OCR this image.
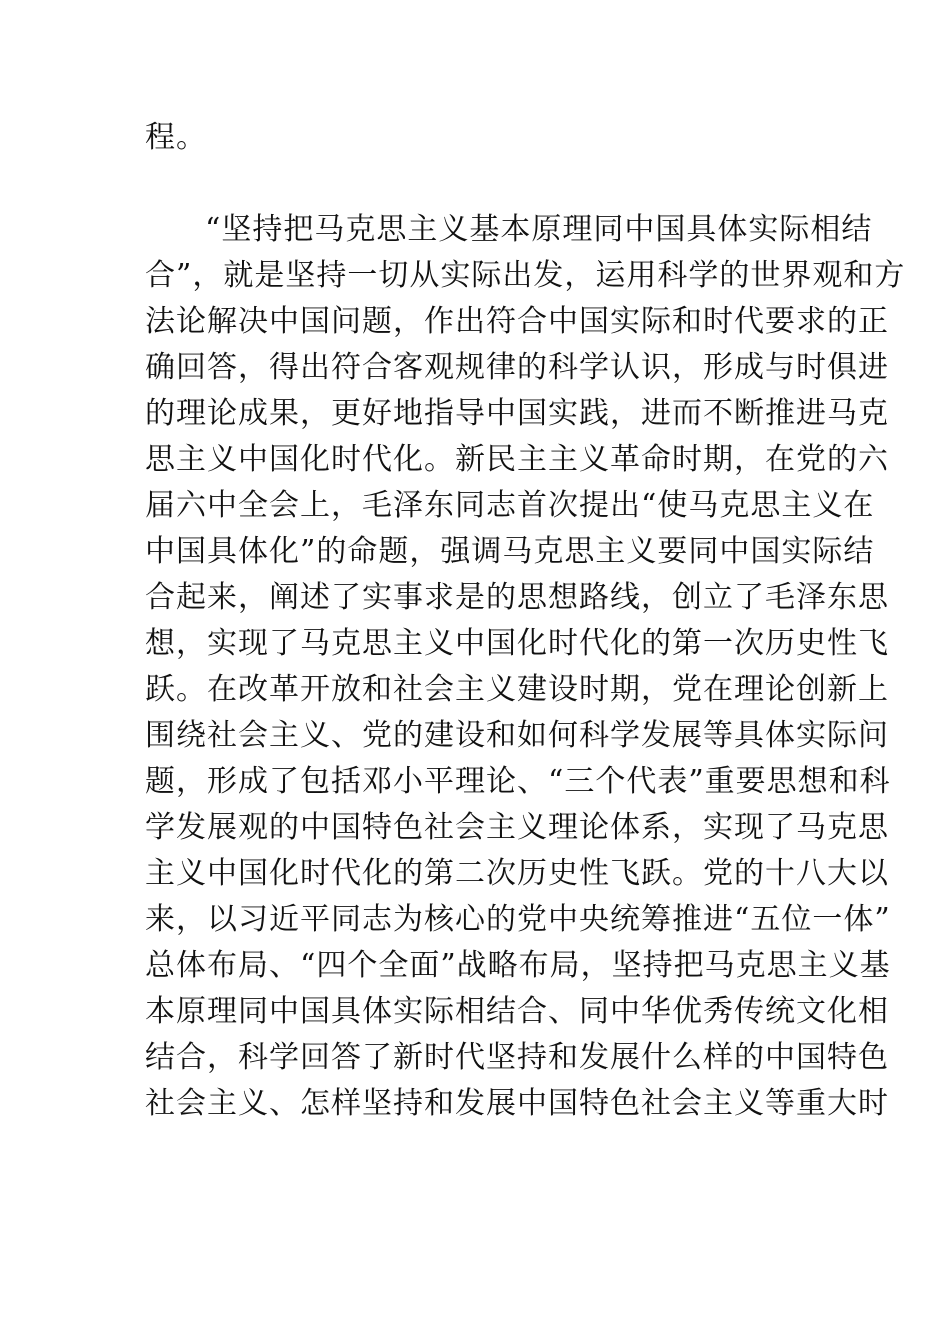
程。
“坚持把马克思主义基本原理同中国具体实际相结
合”，就是坚持一切从实际出发，运用科学的世界观和方
法论解决中国问题，作出符合中国实际和时代要求的正
确回答，得出符合客观规律的科学认识，形成与时俱进
的理论成果，更好地指导中国实践，进而不断推进马克
思主义中国化时代化。新民主主义革命时期，在党的六
届六中全会上，毛泽东同志首次提出“使马克思主义在
中国具体化”的命题，强调马克思主义要同中国实际结
合起来，阐述了实事求是的思想路线，创立了毛泽东思
想，实现了马克思主义中国化时代化的第一次历史性飞
跃。在改革开放和社会主义建设时期，党在理论创新上
围绕社会主义、党的建设和如何科学发展等具体实际问
题，形成了包括邓小平理论、“三个代表”重要思想和科
学发展观的中国特色社会主义理论体系，实现了马克思
主义中国化时代化的第二次历史性飞跃。党的十八大以
来，以习近平同志为核心的党中央统筹推进“五位一体”
总体布局、“四个全面”战略布局，坚持把马克思主义基
本原理同中国具体实际相结合、同中华优秀传统文化相
结合，科学回答了新时代坚持和发展什么样的中国特色
社会主义、怎样坚持和发展中国特色社会主义等重大时
